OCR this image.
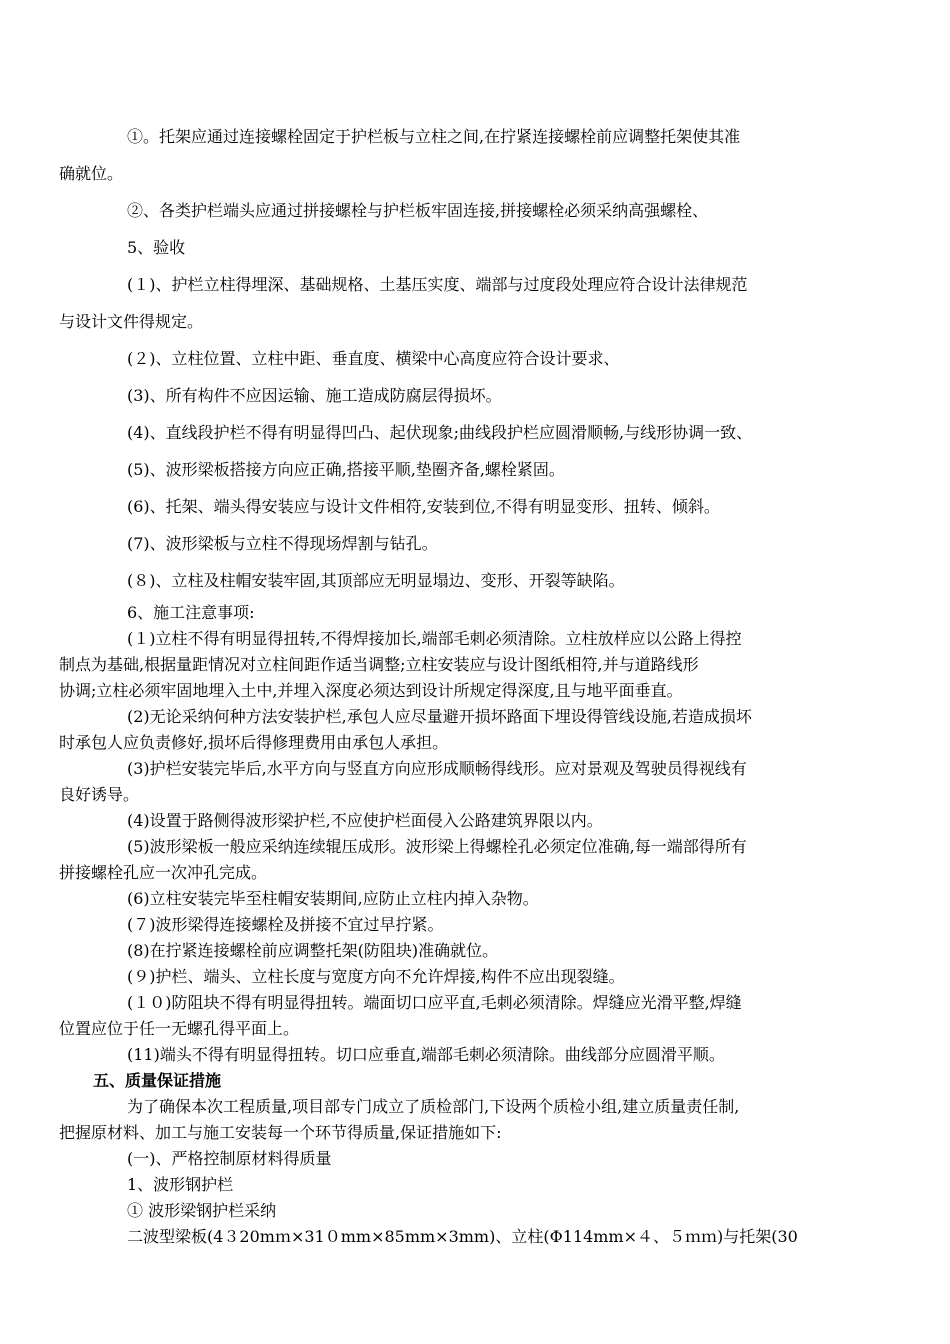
①。托架应通过连接螺栓固定于护栏板与立柱之间,在拧紧连接螺栓前应调整托架使其准
确就位。

②、各类护栏端头应通过拼接螺栓与护栏板牢固连接,拼接螺栓必须采纳高强螺栓、

5、验收

(１)、护栏立柱得埋深、基础规格、土基压实度、端部与过度段处理应符合设计法律规范
与设计文件得规定。

(２)、立柱位置、立柱中距、垂直度、横梁中心高度应符合设计要求、

(3)、所有构件不应因运输、施工造成防腐层得损坏。

(4)、直线段护栏不得有明显得凹凸、起伏现象;曲线段护栏应圆滑顺畅,与线形协调一致、

(5)、波形梁板搭接方向应正确,搭接平顺,垫圈齐备,螺栓紧固。

(6)、托架、端头得安装应与设计文件相符,安装到位,不得有明显变形、扭转、倾斜。

(7)、波形梁板与立柱不得现场焊割与钻孔。

(８)、立柱及柱帽安装牢固,其顶部应无明显塌边、变形、开裂等缺陷。

6、施工注意事项:

(１)立柱不得有明显得扭转,不得焊接加长,端部毛刺必须清除。立柱放样应以公路上得控
制点为基础,根据量距情况对立柱间距作适当调整;立柱安装应与设计图纸相符,并与道路线形
协调;立柱必须牢固地埋入土中,并埋入深度必须达到设计所规定得深度,且与地平面垂直。

(2)无论采纳何种方法安装护栏,承包人应尽量避开损坏路面下埋设得管线设施,若造成损坏
时承包人应负责修好,损坏后得修理费用由承包人承担。

(3)护栏安装完毕后,水平方向与竖直方向应形成顺畅得线形。应对景观及驾驶员得视线有
良好诱导。

(4)设置于路侧得波形梁护栏,不应使护栏面侵入公路建筑界限以内。

(5)波形梁板一般应采纳连续辊压成形。波形梁上得螺栓孔必须定位准确,每一端部得所有
拼接螺栓孔应一次冲孔完成。

(6)立柱安装完毕至柱帽安装期间,应防止立柱内掉入杂物。

(７)波形梁得连接螺栓及拼接不宜过早拧紧。

(8)在拧紧连接螺栓前应调整托架(防阻块)准确就位。

(９)护栏、端头、立柱长度与宽度方向不允许焊接,构件不应出现裂缝。

(１０)防阻块不得有明显得扭转。端面切口应平直,毛刺必须清除。焊缝应光滑平整,焊缝
位置应位于任一无螺孔得平面上。

(11)端头不得有明显得扭转。切口应垂直,端部毛刺必须清除。曲线部分应圆滑平顺。

五、质量保证措施

为了确保本次工程质量,项目部专门成立了质检部门,下设两个质检小组,建立质量责任制,
把握原材料、加工与施工安装每一个环节得质量,保证措施如下:

(一)、严格控制原材料得质量

1、波形钢护栏

① 波形梁钢护栏采纳

二波型梁板(4３20mｍ×31０mm×85mm×3mm)、立柱(Φ114mm×４、５ｍｍ)与托架(30
